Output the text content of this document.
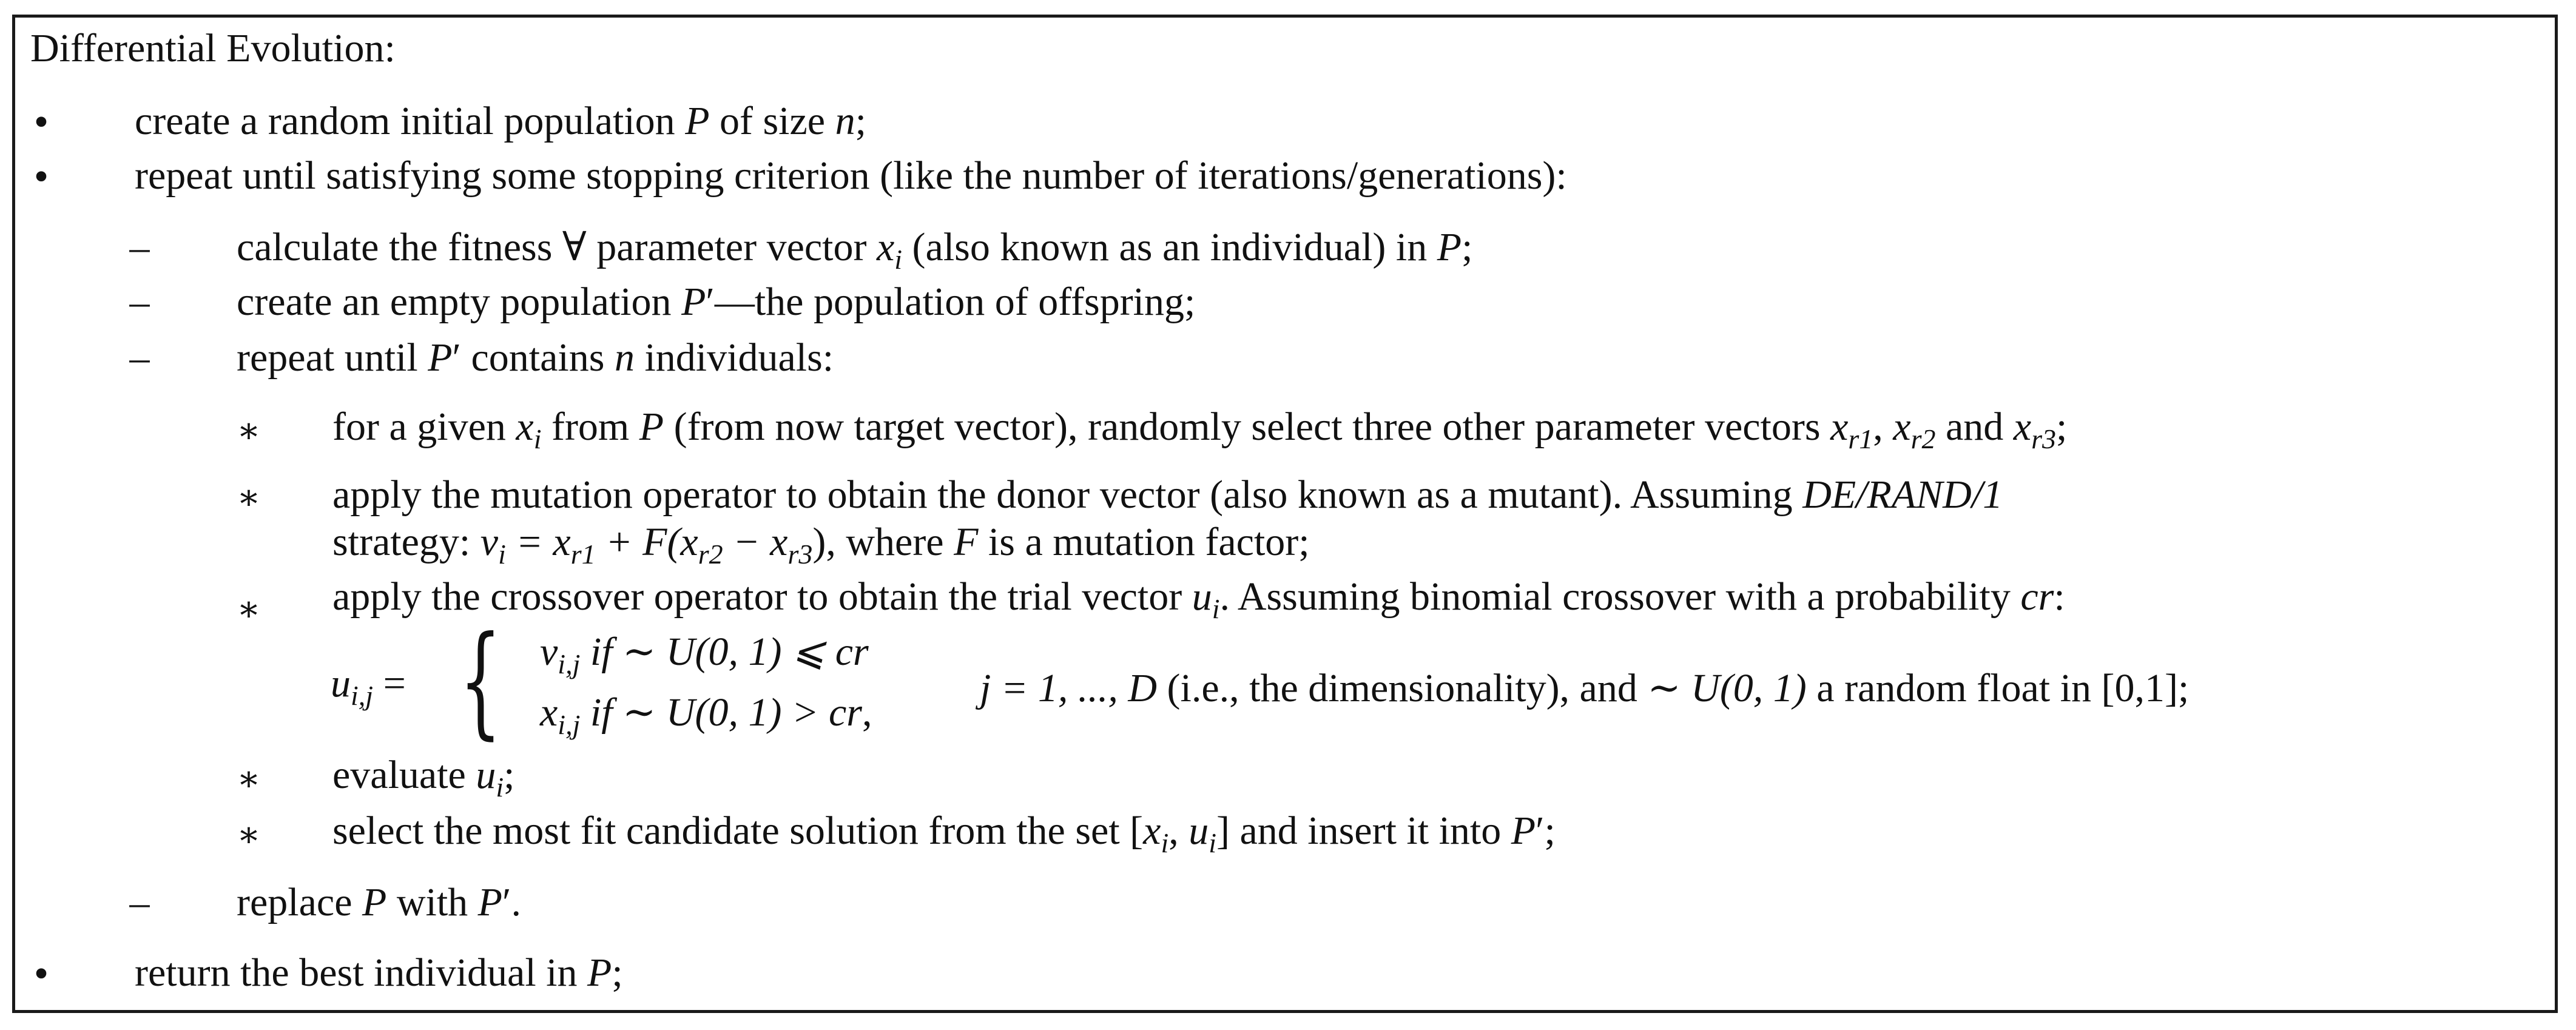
Differential Evolution:
• create a random initial population P of size n;
• repeat until satisfying some stopping criterion (like the number of iterations/generations):
– calculate the fitness ∀ parameter vector $x_i$ (also known as an individual) in P;
– create an empty population P′—the population of offspring;
– repeat until P′ contains n individuals:
∗ for a given $x_i$ from P (from now target vector), randomly select three other parameter vectors $x_{r1}$, $x_{r2}$ and $x_{r3}$;
∗ apply the mutation operator to obtain the donor vector (also known as a mutant). Assuming DE/RAND/1
strategy: $v_i = x_{r1} + F(x_{r2} - x_{r3})$, where F is a mutation factor;
∗ apply the crossover operator to obtain the trial vector $u_i$. Assuming binomial crossover with a probability cr:
$u_{i,j}$ = { $v_{i,j}$ if ∼ U(0, 1) ⩽ cr
$x_{i,j}$ if ∼ U(0, 1) > cr,
j = 1, ..., D (i.e., the dimensionality), and ∼ U(0, 1) a random float in [0,1];
∗ evaluate $u_i$;
∗ select the most fit candidate solution from the set [$x_i$, $u_i$] and insert it into P′;
– replace P with P′.
• return the best individual in P;
